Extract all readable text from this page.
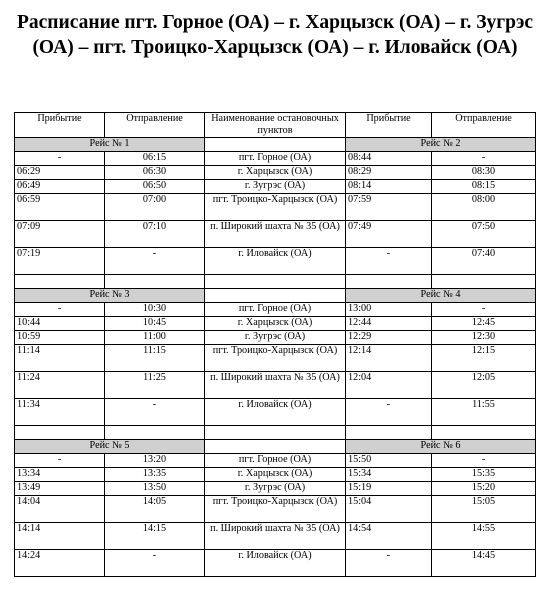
Расписание пгт. Горное (ОА) – г. Харцызск (ОА) – г. Зугрэс (ОА) – пгт. Троицко-Харцызск (ОА) – г. Иловайск (ОА)
Прибытие	Отправление	Наименование остановочных пунктов	Прибытие	Отправление
Рейс № 1			Рейс № 2	
-	06:15	пгт. Горное (ОА)	08:44	-
06:29	06:30	г. Харцызск (ОА)	08:29	08:30
06:49	06:50	г. Зугрэс (ОА)	08:14	08:15
06:59	07:00	пгт. Троицко-Харцызск (ОА)	07:59	08:00
07:09	07:10	п. Широкий шахта № 35 (ОА)	07:49	07:50
07:19	-	г. Иловайск (ОА)	-	07:40

Рейс № 3			Рейс № 4	
-	10:30	пгт. Горное (ОА)	13:00	-
10:44	10:45	г. Харцызск (ОА)	12:44	12:45
10:59	11:00	г. Зугрэс (ОА)	12:29	12:30
11:14	11:15	пгт. Троицко-Харцызск (ОА)	12:14	12:15
11:24	11:25	п. Широкий шахта № 35 (ОА)	12:04	12:05
11:34	-	г. Иловайск (ОА)	-	11:55

Рейс № 5			Рейс № 6	
-	13:20	пгт. Горное (ОА)	15:50	-
13:34	13:35	г. Харцызск (ОА)	15:34	15:35
13:49	13:50	г. Зугрэс (ОА)	15:19	15:20
14:04	14:05	пгт. Троицко-Харцызск (ОА)	15:04	15:05
14:14	14:15	п. Широкий шахта № 35 (ОА)	14:54	14:55
14:24	-	г. Иловайск (ОА)	-	14:45
